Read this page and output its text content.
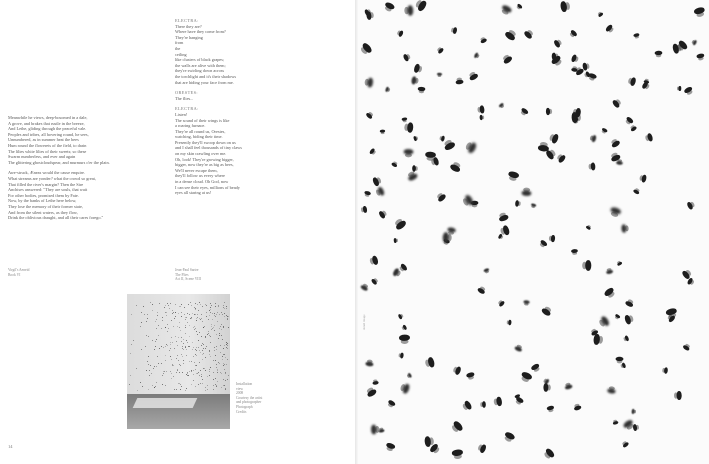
Meanwhile he views, deep-bosomed in a dale,
A grove, and brakes that rustle in the breeze,
And Lethe, gliding through the peaceful vale.
Peoples and tribes, all hovering round, he sees,
Unnumbered, as in summer heat the bees
Hum round the flowerets of the field, to drain
The lilies white lilies of their sweets; so these
Swarm numberless, and ever and again
The glittering ghostcloudspear, and murmurs o'er the plain.
Awe-struck, Æneas would the cause enquire.
What streams are yonder? what the crowd so great,
That filled the river's margin? Then the Sire
Anchises answered: "They are souls, that wait
For other bodies, promised them by Fate.
Now, by the banks of Lethe here below,
They lose the memory of their former state,
And from the silent waters, as they flow,
Drink the oblivious draught, and all their cares forego."
Virgil's Aeneid
Book VI
ELECTRA:
There they are?
Where have they come from?
They're hanging
from
the
ceiling
like clusters of black grapes;
the walls are alive with them;
they're swirling down across
the torchlight and it's their shadows
that are hiding your face from me.
ORESTES:
The flies...
ELECTRA:
Listen!
The sound of their wings is like
a roaring furnace.
They're all round us, Orestes,
watching, biding their time.
Presently they'll swoop down on us
and I shall feel thousands of tiny claws
on my skin crawling over me.
Oh, look! They're growing bigger,
bigger, now they're as big as bees,
We'll never escape them,
they'll follow us every where
in a dense cloud. Oh God, now
I can see their eyes, millions of beady
eyes all staring at us!
Jean-Paul Sartre
The Flies
Act II, Scene VIII
Installation
view
2008
Courtesy the artist
and photographer
Photograph
Credits
14
detail image
